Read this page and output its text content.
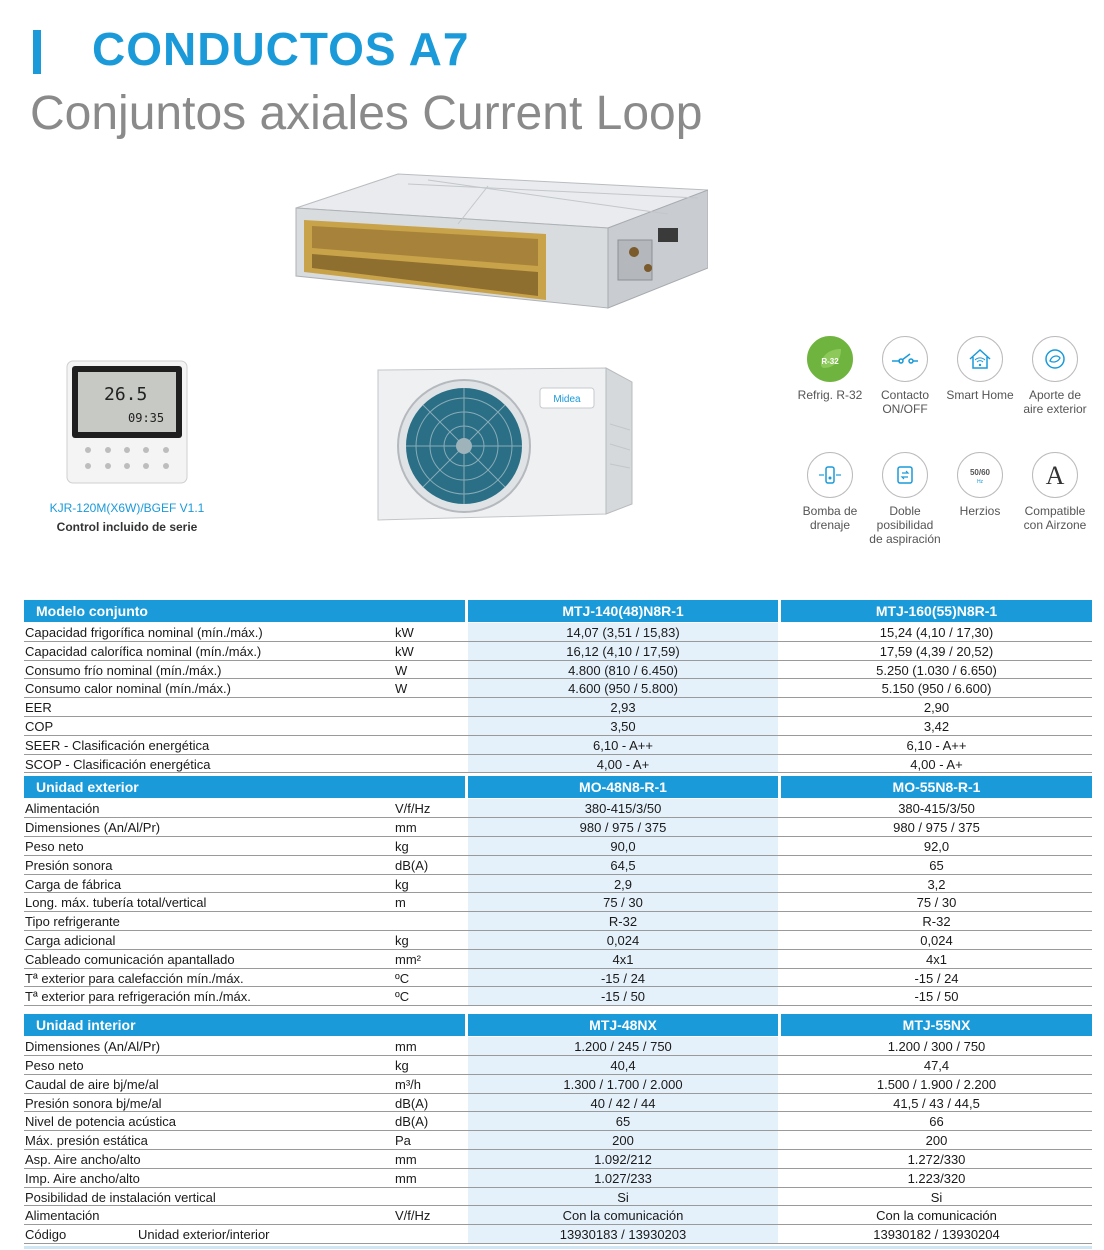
CONDUCTOS A7
Conjuntos axiales Current Loop
26.5
09:35
KJR-120M(X6W)/BGEF V1.1
Control incluido de serie
Midea
R-32
Refrig. R-32	Contacto
ON/OFF
Smart Home	Aporte de
aire exterior
Bomba de
drenaje
Doble
posibilidad
de aspiración
50/60
Hz
Herzios
A
Compatible
con Airzone
Modelo conjunto	MTJ-140(48)N8R-1	MTJ-160(55)N8R-1
Capacidad frigorífica nominal (mín./máx.)	kW	14,07 (3,51 / 15,83)	15,24 (4,10 / 17,30)
Capacidad calorífica nominal (mín./máx.)	kW	16,12 (4,10 / 17,59)	17,59 (4,39 / 20,52)
Consumo frío nominal (mín./máx.)	W	4.800 (810 / 6.450)	5.250 (1.030 / 6.650)
Consumo calor nominal (mín./máx.)	W	4.600 (950 / 5.800)	5.150 (950 / 6.600)
EER	2,93	2,90
COP	3,50	3,42
SEER - Clasificación energética	6,10 - A++	6,10 - A++
SCOP - Clasificación energética	4,00 - A+	4,00 - A+
Unidad exterior	MO-48N8-R-1	MO-55N8-R-1
Alimentación	V/f/Hz	380-415/3/50	380-415/3/50
Dimensiones (An/Al/Pr)	mm	980 / 975 / 375	980 / 975 / 375
Peso neto	kg	90,0	92,0
Presión sonora	dB(A)	64,5	65
Carga de fábrica	kg	2,9	3,2
Long. máx. tubería total/vertical	m	75 / 30	75 / 30
Tipo refrigerante	R-32	R-32
Carga adicional	kg	0,024	0,024
Cableado comunicación apantallado	mm²	4x1	4x1
Tª exterior para calefacción mín./máx.	ºC	-15 / 24	-15 / 24
Tª exterior para refrigeración mín./máx.	ºC	-15 / 50	-15 / 50
Unidad interior	MTJ-48NX	MTJ-55NX
Dimensiones (An/Al/Pr)	mm	1.200 / 245 / 750	1.200 / 300 / 750
Peso neto	kg	40,4	47,4
Caudal de aire bj/me/al	m³/h	1.300 / 1.700 / 2.000	1.500 / 1.900 / 2.200
Presión sonora bj/me/al	dB(A)	40 / 42 / 44	41,5 / 43 / 44,5
Nivel de potencia acústica	dB(A)	65	66
Máx. presión estática	Pa	200	200
Asp. Aire ancho/alto	mm	1.092/212	1.272/330
Imp. Aire ancho/alto	mm	1.027/233	1.223/320
Posibilidad de instalación vertical	Si	Si
Alimentación	V/f/Hz	Con la comunicación	Con la comunicación
Código	Unidad exterior/interior	13930183 / 13930203	13930182 / 13930204
